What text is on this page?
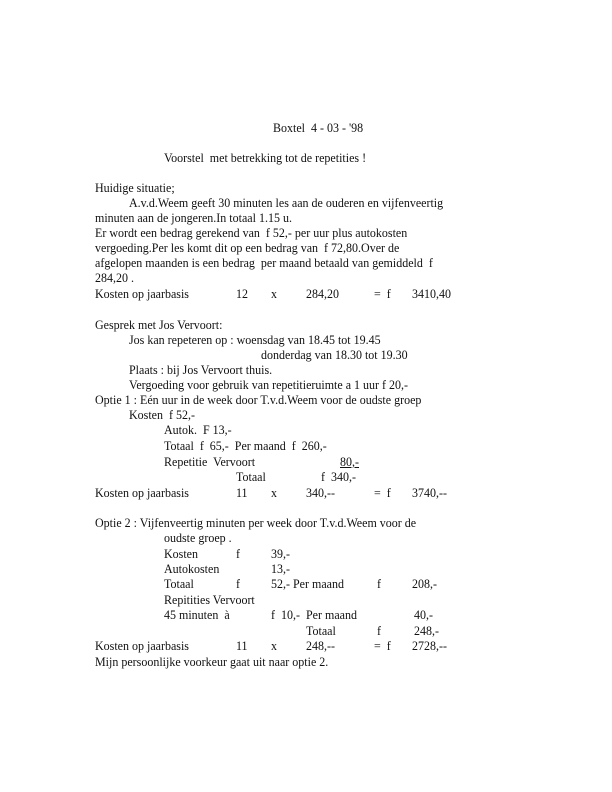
Boxtel  4 - 03 - '98
Voorstel  met betrekking tot de repetities !
Huidige situatie;
A.v.d.Weem geeft 30 minuten les aan de ouderen en vijfenveertig
minuten aan de jongeren.In totaal 1.15 u.
Er wordt een bedrag gerekend van  f 52,- per uur plus autokosten
vergoeding.Per les komt dit op een bedrag van  f 72,80.Over de
afgelopen maanden is een bedrag  per maand betaald van gemiddeld  f
284,20 .
Kosten op jaarbasis	12 x 284,20	=  f 3410,40
Gesprek met Jos Vervoort:
Jos kan repeteren op : woensdag van 18.45 tot 19.45
donderdag van 18.30 tot 19.30
Plaats : bij Jos Vervoort thuis.
Vergoeding voor gebruik van repetitieruimte a 1 uur f 20,-
Optie 1 : Eén uur in de week door T.v.d.Weem voor de oudste groep
Kosten  f 52,-
Autok.  F 13,-
Totaal  f  65,-  Per maand  f  260,-
Repetitie  Vervoort	80,-
Totaal	f  340,-
Kosten op jaarbasis	11 x 340,--	=  f 3740,--
Optie 2 : Vijfenveertig minuten per week door T.v.d.Weem voor de
oudste groep .
Kosten	f 39,-
Autokosten	13,-
Totaal	f 52,- Per maand	f 208,-
Repitities Vervoort
45 minuten  à	f  10,-  Per maand	40,-
Totaal	f	248,-
Kosten op jaarbasis	11 x 248,--	=  f 2728,--
Mijn persoonlijke voorkeur gaat uit naar optie 2.
